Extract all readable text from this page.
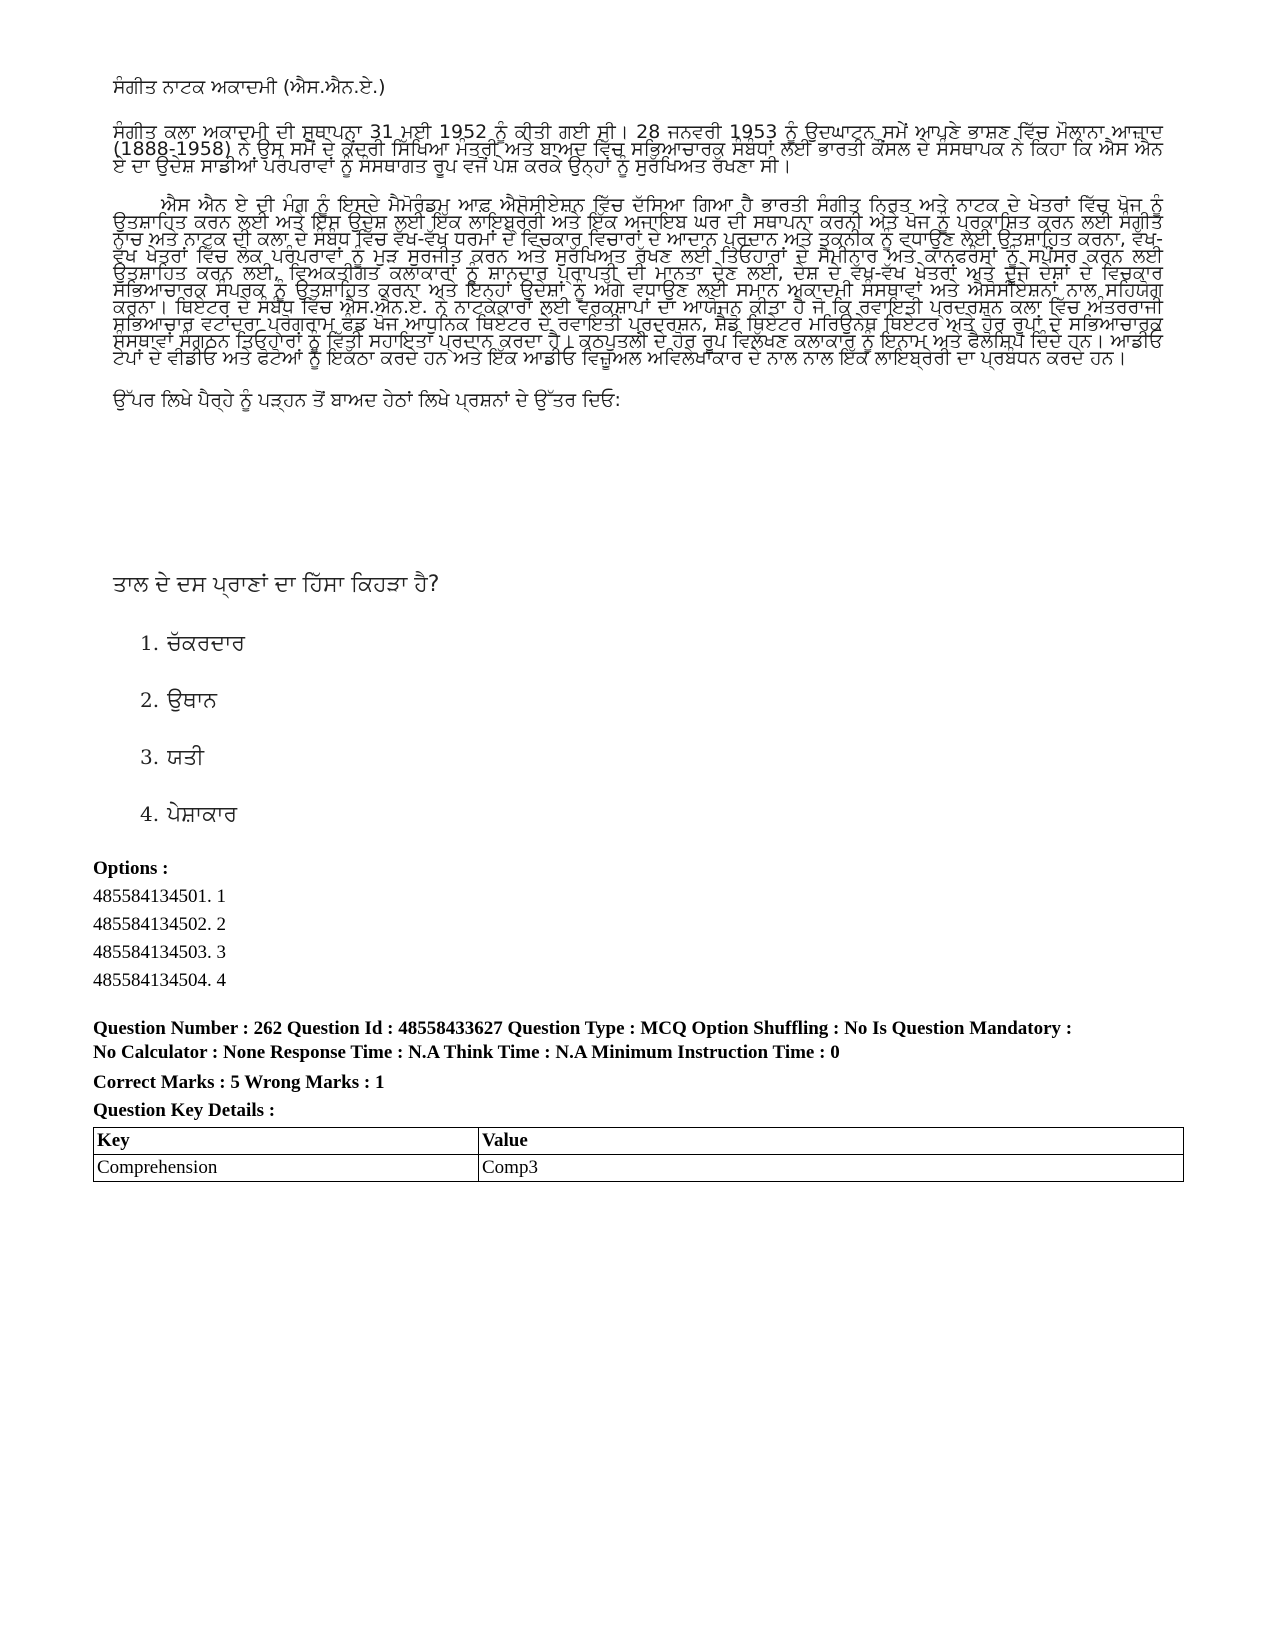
ਸੰਗੀਤ ਨਾਟਕ ਅਕਾਦਮੀ (ਐਸ.ਐਨ.ਏ.)

ਸੰਗੀਤ ਕਲਾ ਅਕਾਦਮੀ ਦੀ ਸੁਥਾਪਨਾ 31 ਮਈ 1952 ਨੂੰ ਕੀਤੀ ਗਈ ਸੀ। 28 ਜਨਵਰੀ 1953 ਨੂੰ ਉਦਘਾਟਨ ਸਮੇਂ ਆਪਣੇ ਭਾਸ਼ਣ ਵਿੱਚ ਮੌਲਾਨਾ ਆਜ਼ਾਦ (1888-1958) ਨੇ ਉਸ ਸਮੇਂ ਦੇ ਕੇਂਦਰੀ ਸਿੱਖਿਆ ਮੰਤਰੀ ਅਤੇ ਬਾਅਦ ਵਿੱਚ ਸਭਿਆਚਾਰਕ ਸੰਬੰਧਾਂ ਲਈ ਭਾਰਤੀ ਕੌਂਸਲ ਦੇ ਸੰਸਥਾਪਕ ਨੇ ਕਿਹਾ ਕਿ ਐਸ ਐਨ ਏ ਦਾ ਉਦੇਸ਼ ਸਾਡੀਆਂ ਪਰੰਪਰਾਵਾਂ ਨੂੰ ਸੰਸਥਾਗਤ ਰੂਪ ਵਜੋਂ ਪੇਸ਼ ਕਰਕੇ ਉਨ੍ਹਾਂ ਨੂੰ ਸੁਰੱਖਿਅਤ ਰੱਖਣਾ ਸੀ।

ਐਸ ਐਨ ਏ ਦੀ ਮੰਗ ਨੂੰ ਇਸਦੇ ਮੈਮੋਰੰਡਮ ਆਫ਼ ਐਸੋਸੀਏਸ਼ਨ ਵਿੱਚ ਦੱਸਿਆ ਗਿਆ ਹੈ ਭਾਰਤੀ ਸੰਗੀਤ ਨ੍ਰਿਤ ਅਤੇ ਨਾਟਕ ਦੇ ਖੇਤਰਾਂ ਵਿੱਚ ਖੋਜ ਨੂੰ ਉਤਸ਼ਾਹਿਤ ਕਰਨ ਲਈ ਅਤੇ ਇਸ ਉਦੇਸ਼ ਲਈ ਇੱਕ ਲਾਇਬ੍ਰੇਰੀ ਅਤੇ ਇੱਕ ਅਜਾਇਬ ਘਰ ਦੀ ਸਥਾਪਨਾ ਕਰਨੀ ਅਤੇ ਖੋਜ ਨੂੰ ਪ੍ਰਕਾਸ਼ਿਤ ਕਰਨ ਲਈ ਸੰਗੀਤ ਨਾਚ ਅਤੇ ਨਾਟਕ ਦੀ ਕਲਾ ਦੇ ਸੰਬੰਧ ਵਿੱਚ ਵੱਖ-ਵੱਖ ਧਰਮਾਂ ਦੇ ਵਿਚਕਾਰ ਵਿਚਾਰਾਂ ਦੇ ਆਦਾਨ ਪ੍ਰਦਾਨ ਅਤੇ ਤਕਨੀਕ ਨੂੰ ਵਧਾਉਣ ਲਈ ਉਤਸ਼ਾਹਿਤ ਕਰਨਾ, ਵੱਖ-ਵੱਖ ਖੇਤਰਾਂ ਵਿੱਚ ਲੋਕ ਪਰੰਪਰਾਵਾਂ ਨੂੰ ਮੁੜ ਸੁਰਜੀਤ ਕਰਨ ਅਤੇ ਸੁਰੱਖਿਅਤ ਰੱਖਣ ਲਈ ਤਿਓਹਾਰਾਂ ਦੇ ਸੈਮੀਨਾਰ ਅਤੇ ਕਾਨਫਰੰਸਾਂ ਨੂੰ ਸਪੌਂਸਰ ਕਰਨ ਲਈ ਉਤਸ਼ਾਹਿਤ ਕਰਨ ਲਈ, ਵਿਅਕਤੀਗਤ ਕਲਾਕਾਰਾਂ ਨੂੰ ਸ਼ਾਨਦਾਰ ਪ੍ਰਾਪਤੀ ਦੀ ਮਾਨਤਾ ਦੇਣ ਲਈ, ਦੇਸ਼ ਦੇ ਵੱਖ-ਵੱਖ ਖੇਤਰਾਂ ਅਤੇ ਦੂਜੇ ਦੇਸ਼ਾਂ ਦੇ ਵਿਚਕਾਰ ਸਭਿਆਚਾਰਕ ਸੰਪਰਕ ਨੂੰ ਉਤਸ਼ਾਹਿਤ ਕਰਨਾ ਅਤੇ ਇਨ੍ਹਾਂ ਉਦੇਸ਼ਾਂ ਨੂੰ ਅੱਗੇ ਵਧਾਉਣ ਲਈ ਸਮਾਨ ਅਕਾਦਮੀ ਸੰਸਥਾਵਾਂ ਅਤੇ ਐਸੋਸੀਏਸ਼ਨਾਂ ਨਾਲ ਸਹਿਯੋਗ ਕਰਨਾ। ਥਿਏਟਰ ਦੇ ਸੰਬੰਧ ਵਿੱਚ ਐਸ.ਐਨ.ਏ. ਨੇ ਨਾਟਕਕਾਰਾਂ ਲਈ ਵਰਕਸ਼ਾਪਾਂ ਦਾ ਆਯੋਜਨ ਕੀਤਾ ਹੈ ਜੋ ਕਿ ਰਵਾਇਤੀ ਪ੍ਰਦਰਸ਼ਨ ਕਲਾ ਵਿੱਚ ਅੰਤਰਰਾਜੀ ਸਭਿਆਚਾਰ ਵਟਾਂਦਰਾ ਪ੍ਰੋਗਰਾਮ ਫੰਡ ਖੋਜ ਆਧੁਨਿਕ ਥਿਏਟਰ ਦੇ ਰਵਾਇਤੀ ਪ੍ਰਦਰਸ਼ਨ, ਸ਼ੈਡੋ ਥਿਏਟਰ ਮਰਿਉਨੇਥ ਥਿਏਟਰ ਅਤੇ ਹੋਰ ਰੂਪਾਂ ਦੇ ਸਭਿਆਚਾਰਕ ਸੰਸਥਾਵਾਂ ਸੰਗਠਨ ਤਿਓਹਾਰਾਂ ਨੂੰ ਵਿੱਤੀ ਸਹਾਇਤਾ ਪ੍ਰਦਾਨ ਕਰਦਾ ਹੈ। ਕਠਪੁਤਲੀ ਦੇ ਹੋਰ ਰੂਪ ਵਿਲੱਖਣ ਕਲਾਕਾਰ ਨੂੰ ਇਨਾਮ ਅਤੇ ਫੈਲੋਸ਼ਿਪ ਦਿੰਦੇ ਹਨ। ਆਡੀਓ ਟੇਪਾਂ ਦੇ ਵੀਡੀਓ ਅਤੇ ਫੋਟੋਆਂ ਨੂੰ ਇਕੱਠਾ ਕਰਦੇ ਹਨ ਅਤੇ ਇੱਕ ਆਡੀਓ ਵਿਜ਼ੂਅਲ ਅਵਿਲੇਖਾਕਾਰ ਦੇ ਨਾਲ ਨਾਲ ਇੱਕ ਲਾਇਬ੍ਰੇਰੀ ਦਾ ਪ੍ਰਬੰਧਨ ਕਰਦੇ ਹਨ।

ਉੱਪਰ ਲਿਖੇ ਪੈਰ੍ਹੇ ਨੂੰ ਪੜ੍ਹਨ ਤੋਂ ਬਾਅਦ ਹੇਠਾਂ ਲਿਖੇ ਪ੍ਰਸ਼ਨਾਂ ਦੇ ਉੱਤਰ ਦਿਓ:

ਤਾਲ ਦੇ ਦਸ ਪ੍ਰਾਣਾਂ ਦਾ ਹਿੱਸਾ ਕਿਹੜਾ ਹੈ?
1. ਚੱਕਰਦਾਰ
2. ਉਥਾਨ
3. ਯਤੀ
4. ਪੇਸ਼ਾਕਾਰ
Options :
485584134501. 1
485584134502. 2
485584134503. 3
485584134504. 4
Question Number : 262 Question Id : 48558433627 Question Type : MCQ Option Shuffling : No Is Question Mandatory :
No Calculator : None Response Time : N.A Think Time : N.A Minimum Instruction Time : 0
Correct Marks : 5 Wrong Marks : 1
Question Key Details :
Key	Value
Comprehension	Comp3
